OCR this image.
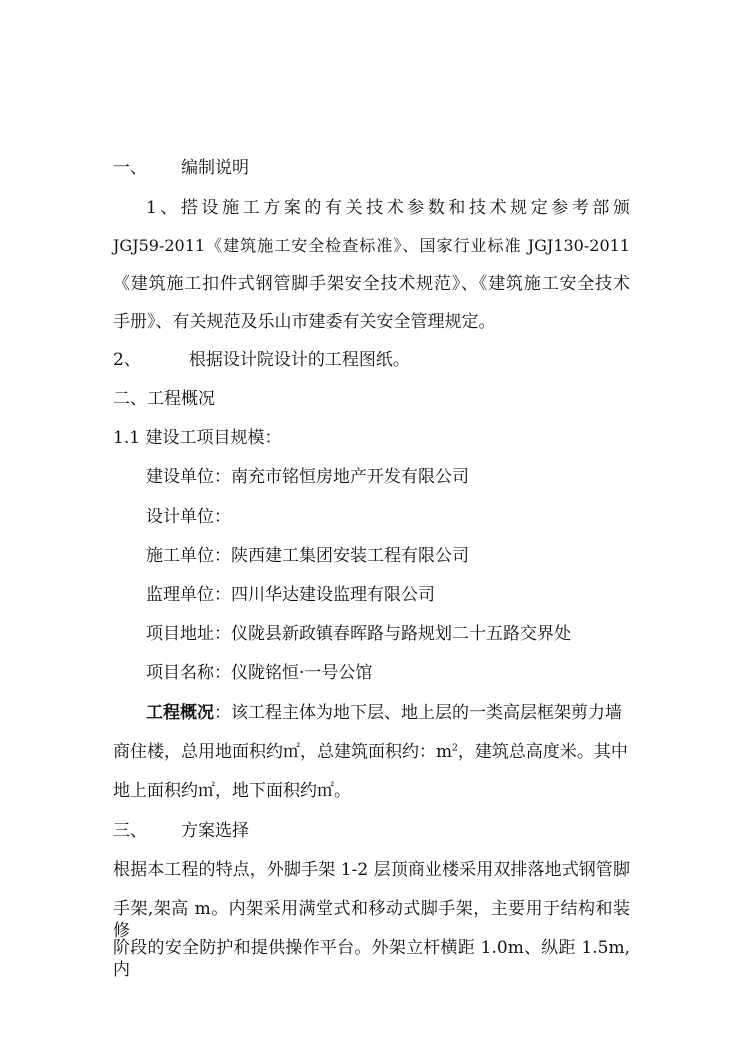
一、 编制说明
1、搭设施工方案的有关技术参数和技术规定参考部颁
JGJ59-2011《建筑施工安全检查标准》、国家行业标准 JGJ130-2011
《建筑施工扣件式钢管脚手架安全技术规范》、《建筑施工安全技术
手册》、有关规范及乐山市建委有关安全管理规定。
2、	根据设计院设计的工程图纸。
二、工程概况
1.1 建设工项目规模：
建设单位：南充市铭恒房地产开发有限公司
设计单位：
施工单位：陕西建工集团安装工程有限公司
监理单位：四川华达建设监理有限公司
项目地址：仪陇县新政镇春晖路与路规划二十五路交界处
项目名称：仪陇铭恒·一号公馆
工程概况：该工程主体为地下层、地上层的一类高层框架剪力墙
商住楼，总用地面积约㎡，总建筑面积约：$m^2$，建筑总高度米。其中
地上面积约㎡，地下面积约㎡。
三、 方案选择
根据本工程的特点，外脚手架 1-2 层顶商业楼采用双排落地式钢管脚
手架,架高 m。内架采用满堂式和移动式脚手架，主要用于结构和装修
阶段的安全防护和提供操作平台。外架立杆横距 1.0m、纵距 1.5m,内
